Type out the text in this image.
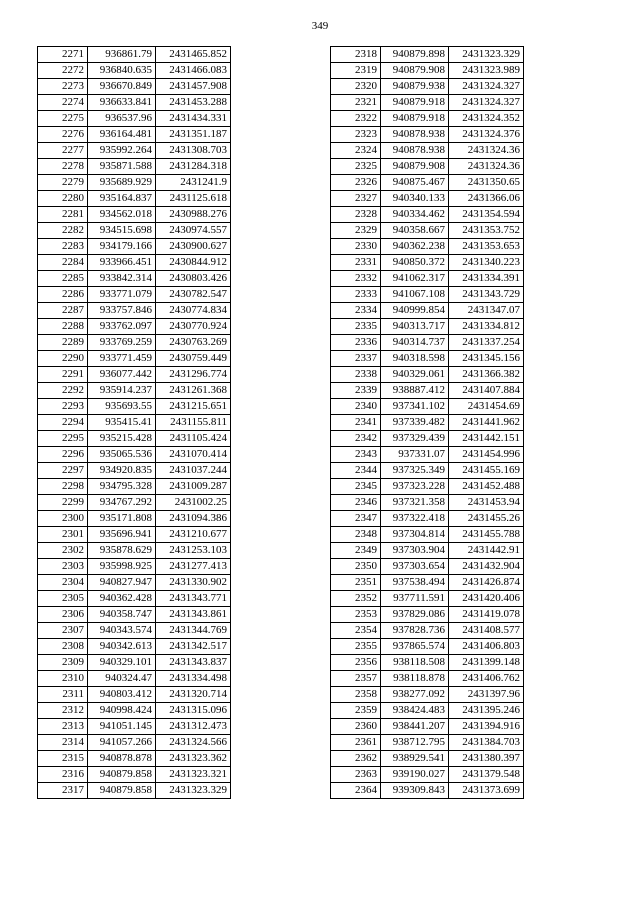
349
2271	936861.79	2431465.852
2272	936840.635	2431466.083
2273	936670.849	2431457.908
2274	936633.841	2431453.288
2275	936537.96	2431434.331
2276	936164.481	2431351.187
2277	935992.264	2431308.703
2278	935871.588	2431284.318
2279	935689.929	2431241.9
2280	935164.837	2431125.618
2281	934562.018	2430988.276
2282	934515.698	2430974.557
2283	934179.166	2430900.627
2284	933966.451	2430844.912
2285	933842.314	2430803.426
2286	933771.079	2430782.547
2287	933757.846	2430774.834
2288	933762.097	2430770.924
2289	933769.259	2430763.269
2290	933771.459	2430759.449
2291	936077.442	2431296.774
2292	935914.237	2431261.368
2293	935693.55	2431215.651
2294	935415.41	2431155.811
2295	935215.428	2431105.424
2296	935065.536	2431070.414
2297	934920.835	2431037.244
2298	934795.328	2431009.287
2299	934767.292	2431002.25
2300	935171.808	2431094.386
2301	935696.941	2431210.677
2302	935878.629	2431253.103
2303	935998.925	2431277.413
2304	940827.947	2431330.902
2305	940362.428	2431343.771
2306	940358.747	2431343.861
2307	940343.574	2431344.769
2308	940342.613	2431342.517
2309	940329.101	2431343.837
2310	940324.47	2431334.498
2311	940803.412	2431320.714
2312	940998.424	2431315.096
2313	941051.145	2431312.473
2314	941057.266	2431324.566
2315	940878.878	2431323.362
2316	940879.858	2431323.321
2317	940879.858	2431323.329
2318	940879.898	2431323.329
2319	940879.908	2431323.989
2320	940879.938	2431324.327
2321	940879.918	2431324.327
2322	940879.918	2431324.352
2323	940878.938	2431324.376
2324	940878.938	2431324.36
2325	940879.908	2431324.36
2326	940875.467	2431350.65
2327	940340.133	2431366.06
2328	940334.462	2431354.594
2329	940358.667	2431353.752
2330	940362.238	2431353.653
2331	940850.372	2431340.223
2332	941062.317	2431334.391
2333	941067.108	2431343.729
2334	940999.854	2431347.07
2335	940313.717	2431334.812
2336	940314.737	2431337.254
2337	940318.598	2431345.156
2338	940329.061	2431366.382
2339	938887.412	2431407.884
2340	937341.102	2431454.69
2341	937339.482	2431441.962
2342	937329.439	2431442.151
2343	937331.07	2431454.996
2344	937325.349	2431455.169
2345	937323.228	2431452.488
2346	937321.358	2431453.94
2347	937322.418	2431455.26
2348	937304.814	2431455.788
2349	937303.904	2431442.91
2350	937303.654	2431432.904
2351	937538.494	2431426.874
2352	937711.591	2431420.406
2353	937829.086	2431419.078
2354	937828.736	2431408.577
2355	937865.574	2431406.803
2356	938118.508	2431399.148
2357	938118.878	2431406.762
2358	938277.092	2431397.96
2359	938424.483	2431395.246
2360	938441.207	2431394.916
2361	938712.795	2431384.703
2362	938929.541	2431380.397
2363	939190.027	2431379.548
2364	939309.843	2431373.699
